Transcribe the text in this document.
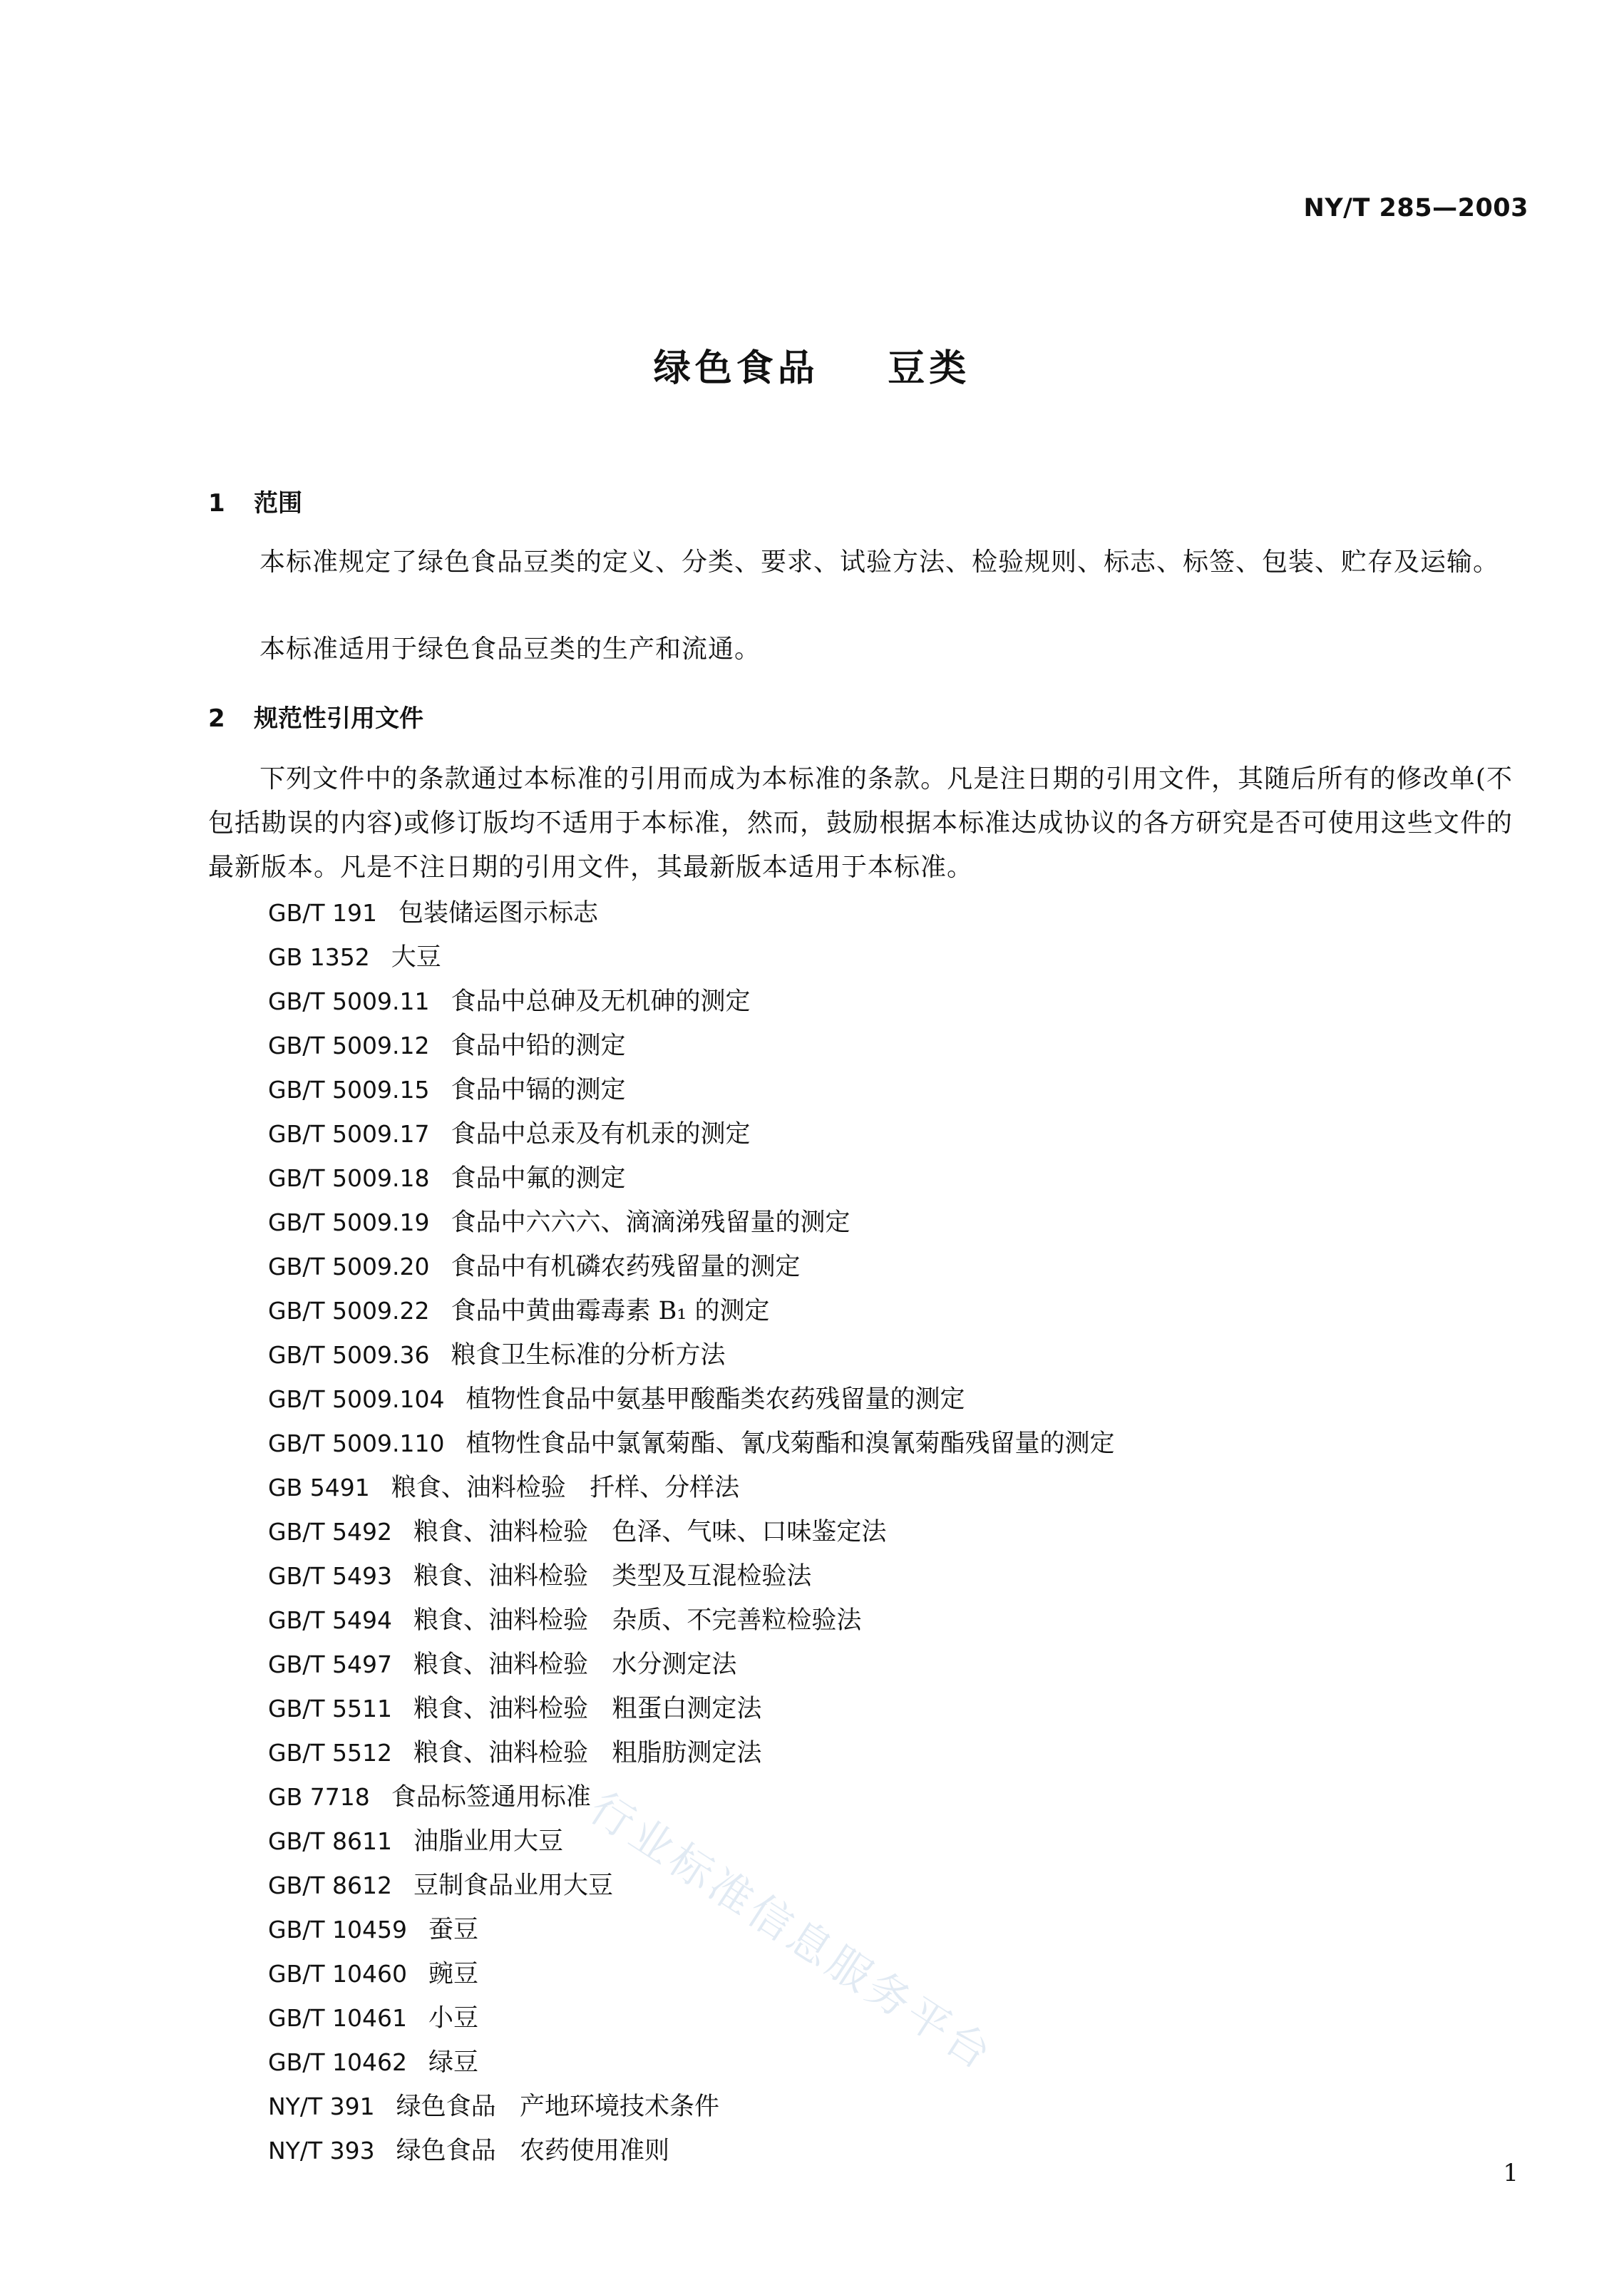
NY/T 285—2003
绿色食品    豆类
1 范围
本标准规定了绿色食品豆类的定义、分类、要求、试验方法、检验规则、标志、标签、包装、贮存及运输。
本标准适用于绿色食品豆类的生产和流通。
2 规范性引用文件
下列文件中的条款通过本标准的引用而成为本标准的条款。凡是注日期的引用文件，其随后所有的修改单(不包括勘误的内容)或修订版均不适用于本标准，然而，鼓励根据本标准达成协议的各方研究是否可使用这些文件的最新版本。凡是不注日期的引用文件，其最新版本适用于本标准。
GB/T 191 包装储运图示标志
GB 1352 大豆
GB/T 5009.11 食品中总砷及无机砷的测定
GB/T 5009.12 食品中铅的测定
GB/T 5009.15 食品中镉的测定
GB/T 5009.17 食品中总汞及有机汞的测定
GB/T 5009.18 食品中氟的测定
GB/T 5009.19 食品中六六六、滴滴涕残留量的测定
GB/T 5009.20 食品中有机磷农药残留量的测定
GB/T 5009.22 食品中黄曲霉毒素 B₁ 的测定
GB/T 5009.36 粮食卫生标准的分析方法
GB/T 5009.104 植物性食品中氨基甲酸酯类农药残留量的测定
GB/T 5009.110 植物性食品中氯氰菊酯、氰戊菊酯和溴氰菊酯残留量的测定
GB 5491 粮食、油料检验   扦样、分样法
GB/T 5492 粮食、油料检验   色泽、气味、口味鉴定法
GB/T 5493 粮食、油料检验   类型及互混检验法
GB/T 5494 粮食、油料检验   杂质、不完善粒检验法
GB/T 5497 粮食、油料检验   水分测定法
GB/T 5511 粮食、油料检验   粗蛋白测定法
GB/T 5512 粮食、油料检验   粗脂肪测定法
GB 7718 食品标签通用标准
GB/T 8611 油脂业用大豆
GB/T 8612 豆制食品业用大豆
GB/T 10459 蚕豆
GB/T 10460 豌豆
GB/T 10461 小豆
GB/T 10462 绿豆
NY/T 391 绿色食品   产地环境技术条件
NY/T 393 绿色食品   农药使用准则
行业标准信息服务平台
1
